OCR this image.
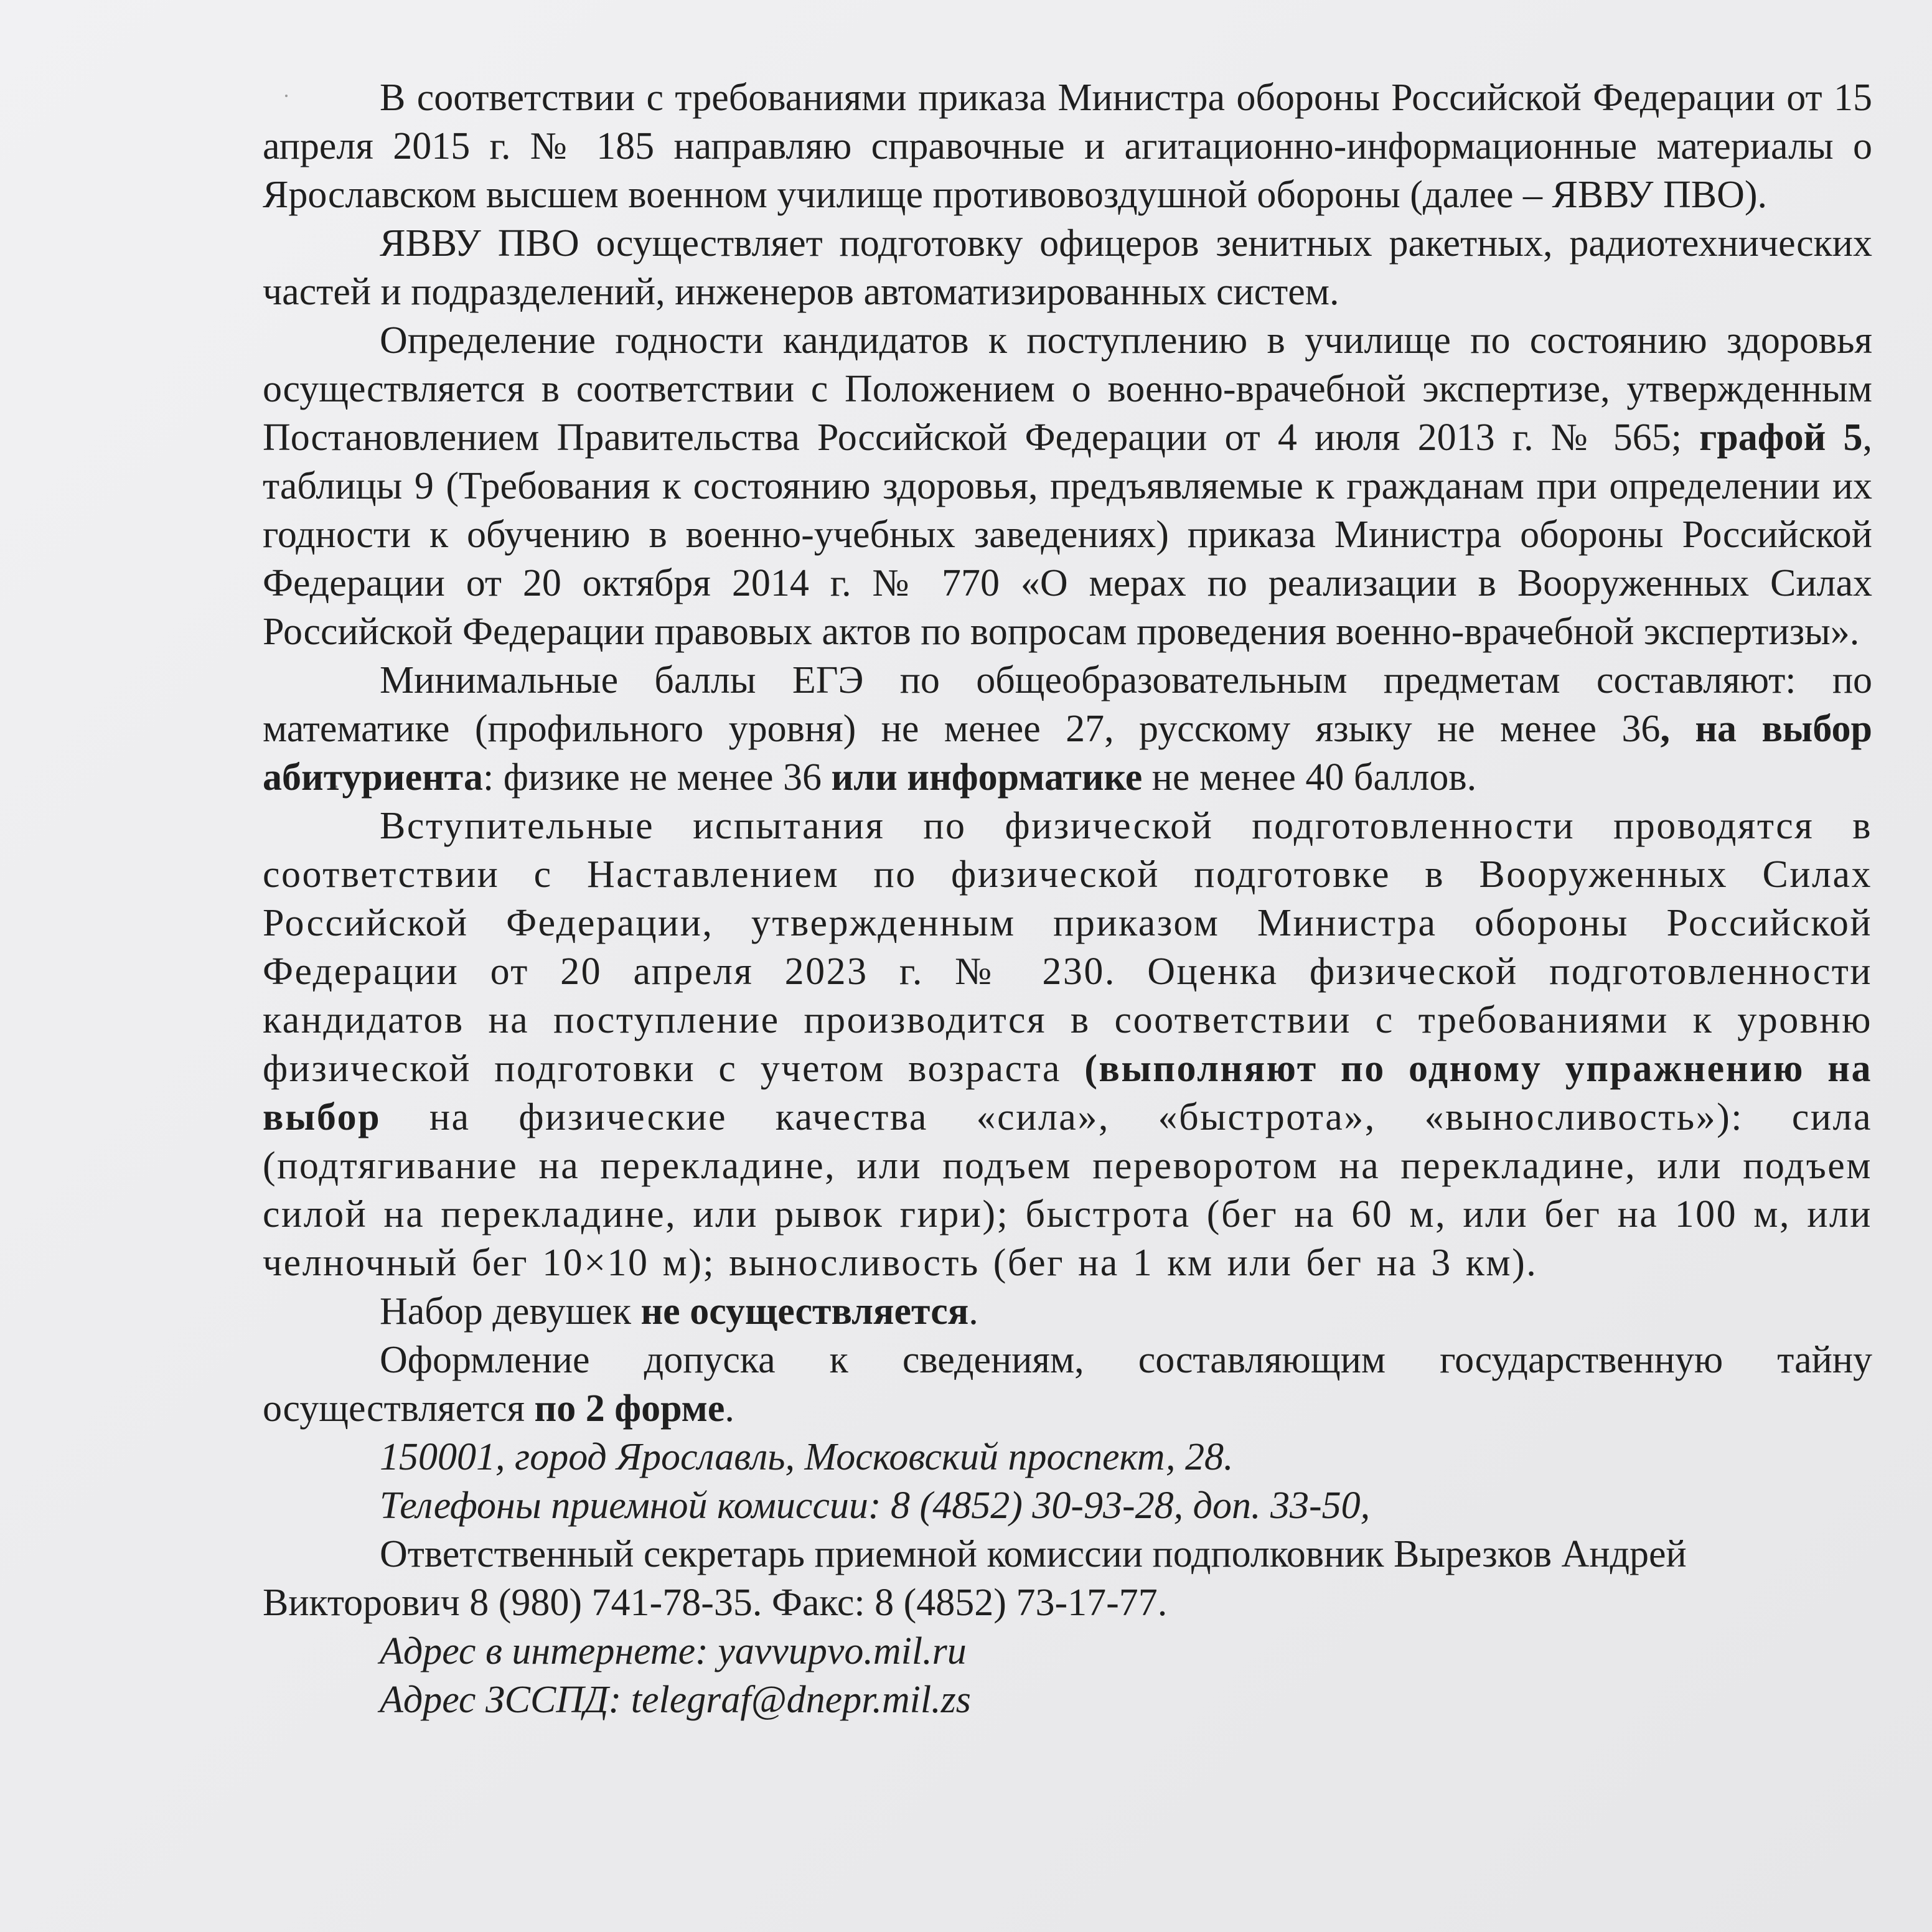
В соответствии с требованиями приказа Министра обороны Российской Федерации от 15 апреля 2015 г. № 185 направляю справочные и агитационно-информационные материалы о Ярославском высшем военном училище противовоздушной обороны (далее – ЯВВУ ПВО).

ЯВВУ ПВО осуществляет подготовку офицеров зенитных ракетных, радиотехнических частей и подразделений, инженеров автоматизированных систем.

Определение годности кандидатов к поступлению в училище по состоянию здоровья осуществляется в соответствии с Положением о военно-врачебной экспертизе, утвержденным Постановлением Правительства Российской Федерации от 4 июля 2013 г. № 565; графой 5, таблицы 9 (Требования к состоянию здоровья, предъявляемые к гражданам при определении их годности к обучению в военно-учебных заведениях) приказа Министра обороны Российской Федерации от 20 октября 2014 г. № 770 «О мерах по реализации в Вооруженных Силах Российской Федерации правовых актов по вопросам проведения военно-врачебной экспертизы».

Минимальные баллы ЕГЭ по общеобразовательным предметам составляют: по математике (профильного уровня) не менее 27, русскому языку не менее 36, на выбор абитуриента: физике не менее 36 или информатике не менее 40 баллов.

Вступительные испытания по физической подготовленности проводятся в соответствии с Наставлением по физической подготовке в Вооруженных Силах Российской Федерации, утвержденным приказом Министра обороны Российской Федерации от 20 апреля 2023 г. № 230. Оценка физической подготовленности кандидатов на поступление производится в соответствии с требованиями к уровню физической подготовки с учетом возраста (выполняют по одному упражнению на выбор на физические качества «сила», «быстрота», «выносливость»): сила (подтягивание на перекладине, или подъем переворотом на перекладине, или подъем силой на перекладине, или рывок гири); быстрота (бег на 60 м, или бег на 100 м, или челночный бег 10×10 м); выносливость (бег на 1 км или бег на 3 км).

Набор девушек не осуществляется.

Оформление допуска к сведениям, составляющим государственную тайну осуществляется по 2 форме.

150001, город Ярославль, Московский проспект, 28.

Телефоны приемной комиссии: 8 (4852) 30-93-28, доп. 33-50,

Ответственный секретарь приемной комиссии подполковник Вырезков Андрей Викторович 8 (980) 741-78-35. Факс: 8 (4852) 73-17-77.

Адрес в интернете: yavvupvo.mil.ru

Адрес ЗССПД: telegraf@dnepr.mil.zs
